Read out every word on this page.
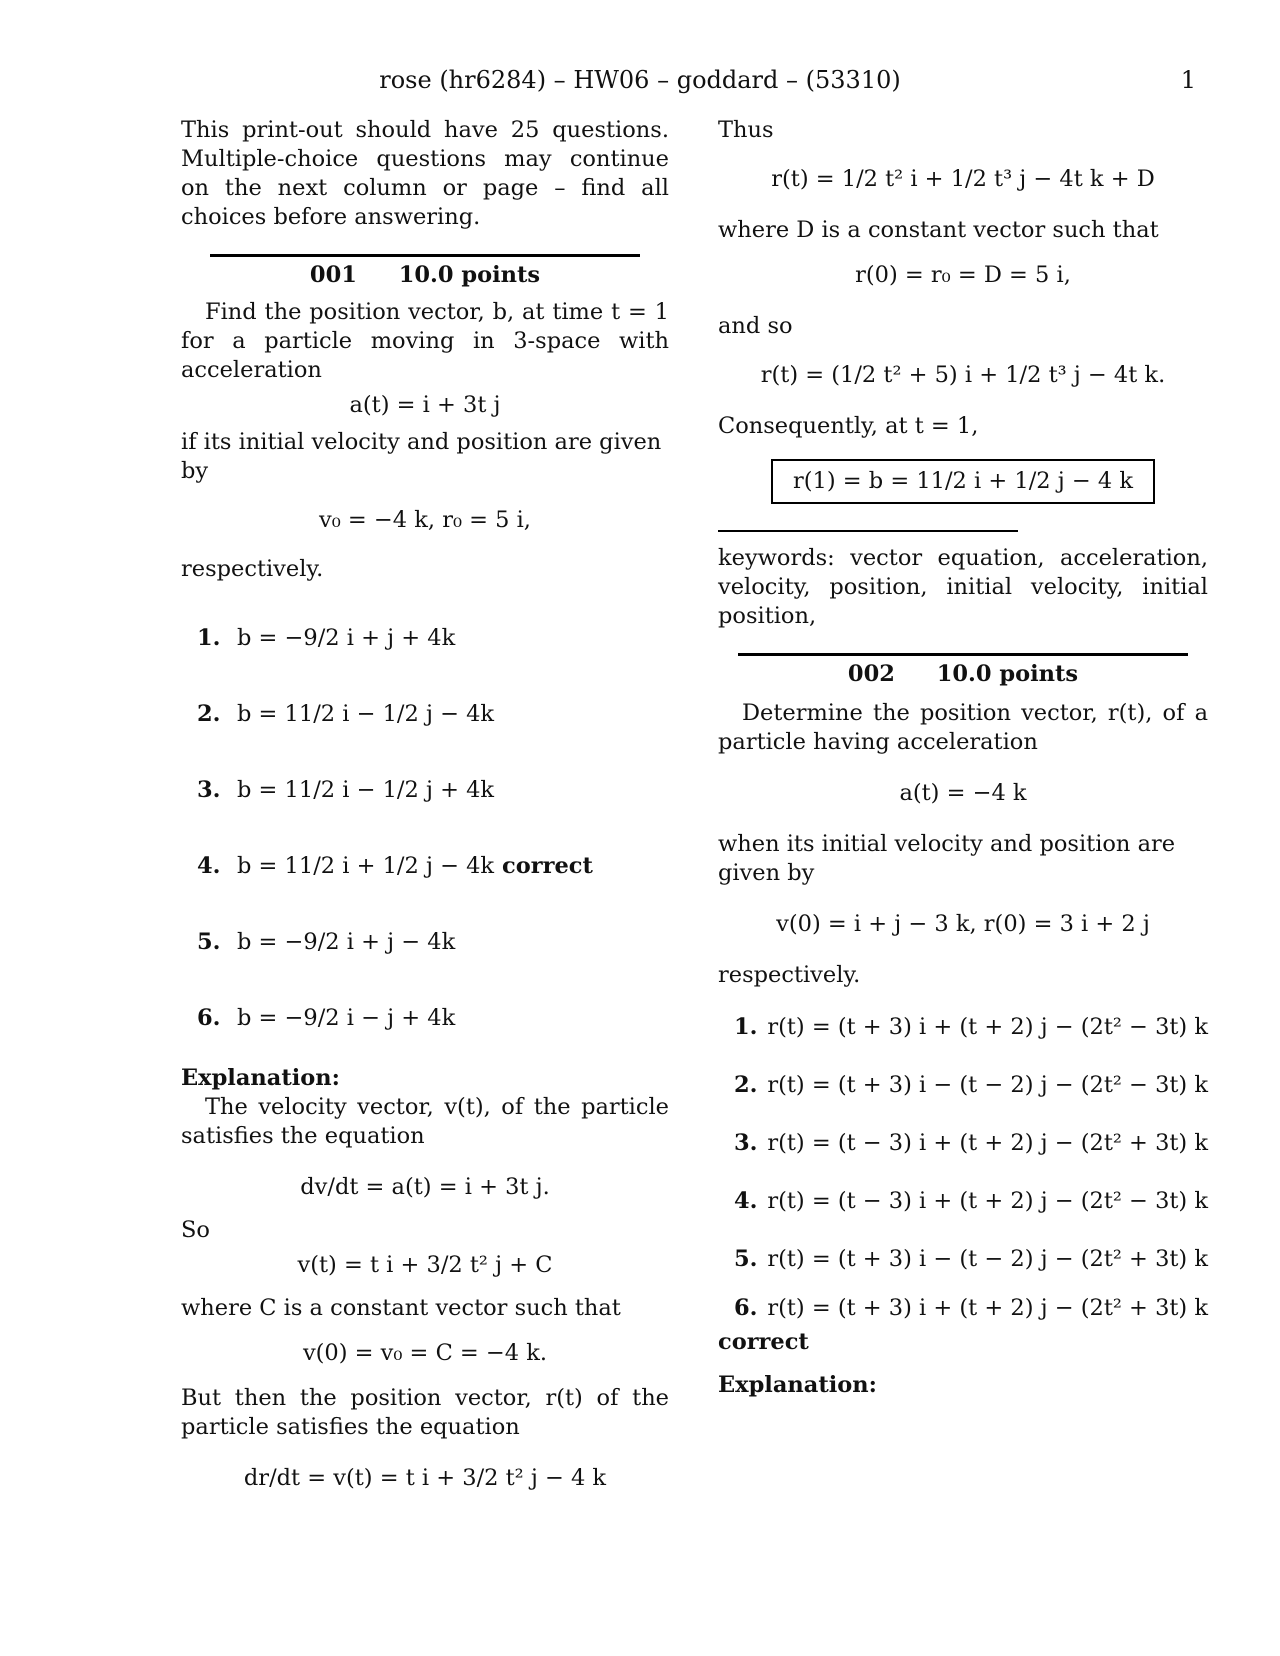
rose (hr6284) – HW06 – goddard – (53310)	1

This print-out should have 25 questions. Multiple-choice questions may continue on the next column or page – find all choices before answering.

001 10.0 points

Find the position vector, b, at time t = 1 for a particle moving in 3-space with acceleration

a(t) = i + 3t j

if its initial velocity and position are given by

v₀ = −4 k, r₀ = 5 i,

respectively.

1. b = −9/2 i + j + 4k
2. b = 11/2 i − 1/2 j − 4k
3. b = 11/2 i − 1/2 j + 4k
4. b = 11/2 i + 1/2 j − 4k correct
5. b = −9/2 i + j − 4k
6. b = −9/2 i − j + 4k
Explanation:

The velocity vector, v(t), of the particle satisfies the equation

dv/dt = a(t) = i + 3t j.

So

v(t) = t i + 3/2 t² j + C

where C is a constant vector such that

v(0) = v₀ = C = −4 k.

But then the position vector, r(t) of the particle satisfies the equation

dr/dt = v(t) = t i + 3/2 t² j − 4 k

Thus

r(t) = 1/2 t² i + 1/2 t³ j − 4t k + D

where D is a constant vector such that

r(0) = r₀ = D = 5 i,

and so

r(t) = (1/2 t² + 5) i + 1/2 t³ j − 4t k.

Consequently, at t = 1,

r(1) = b = 11/2 i + 1/2 j − 4 k

keywords: vector equation, acceleration, velocity, position, initial velocity, initial position,

002 10.0 points

Determine the position vector, r(t), of a particle having acceleration

a(t) = −4 k

when its initial velocity and position are given by

v(0) = i + j − 3 k, r(0) = 3 i + 2 j

respectively.

1. r(t) = (t + 3) i + (t + 2) j − (2t² − 3t) k
2. r(t) = (t + 3) i − (t − 2) j − (2t² − 3t) k
3. r(t) = (t − 3) i + (t + 2) j − (2t² + 3t) k
4. r(t) = (t − 3) i + (t + 2) j − (2t² − 3t) k
5. r(t) = (t + 3) i − (t − 2) j − (2t² + 3t) k
6. r(t) = (t + 3) i + (t + 2) j − (2t² + 3t) k
correct
Explanation:
